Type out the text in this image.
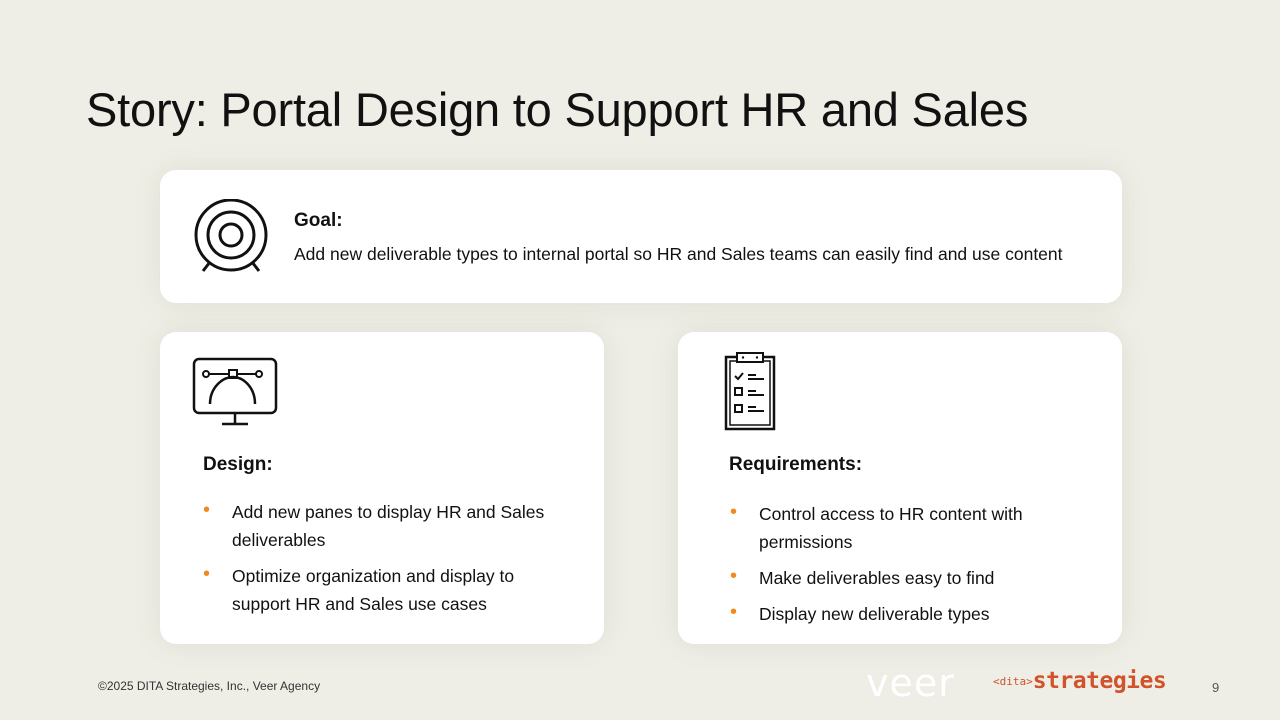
Story: Portal Design to Support HR and Sales
Goal:

Add new deliverable types to internal portal so HR and Sales teams can easily find and use content

Design:
• Add new panes to display HR and Sales deliverables
• Optimize organization and display to support HR and Sales use cases
Requirements:
• Control access to HR content with permissions
• Make deliverables easy to find
• Display new deliverable types
©2025 DITA Strategies, Inc., Veer Agency	veer	<dita>strategies	9
